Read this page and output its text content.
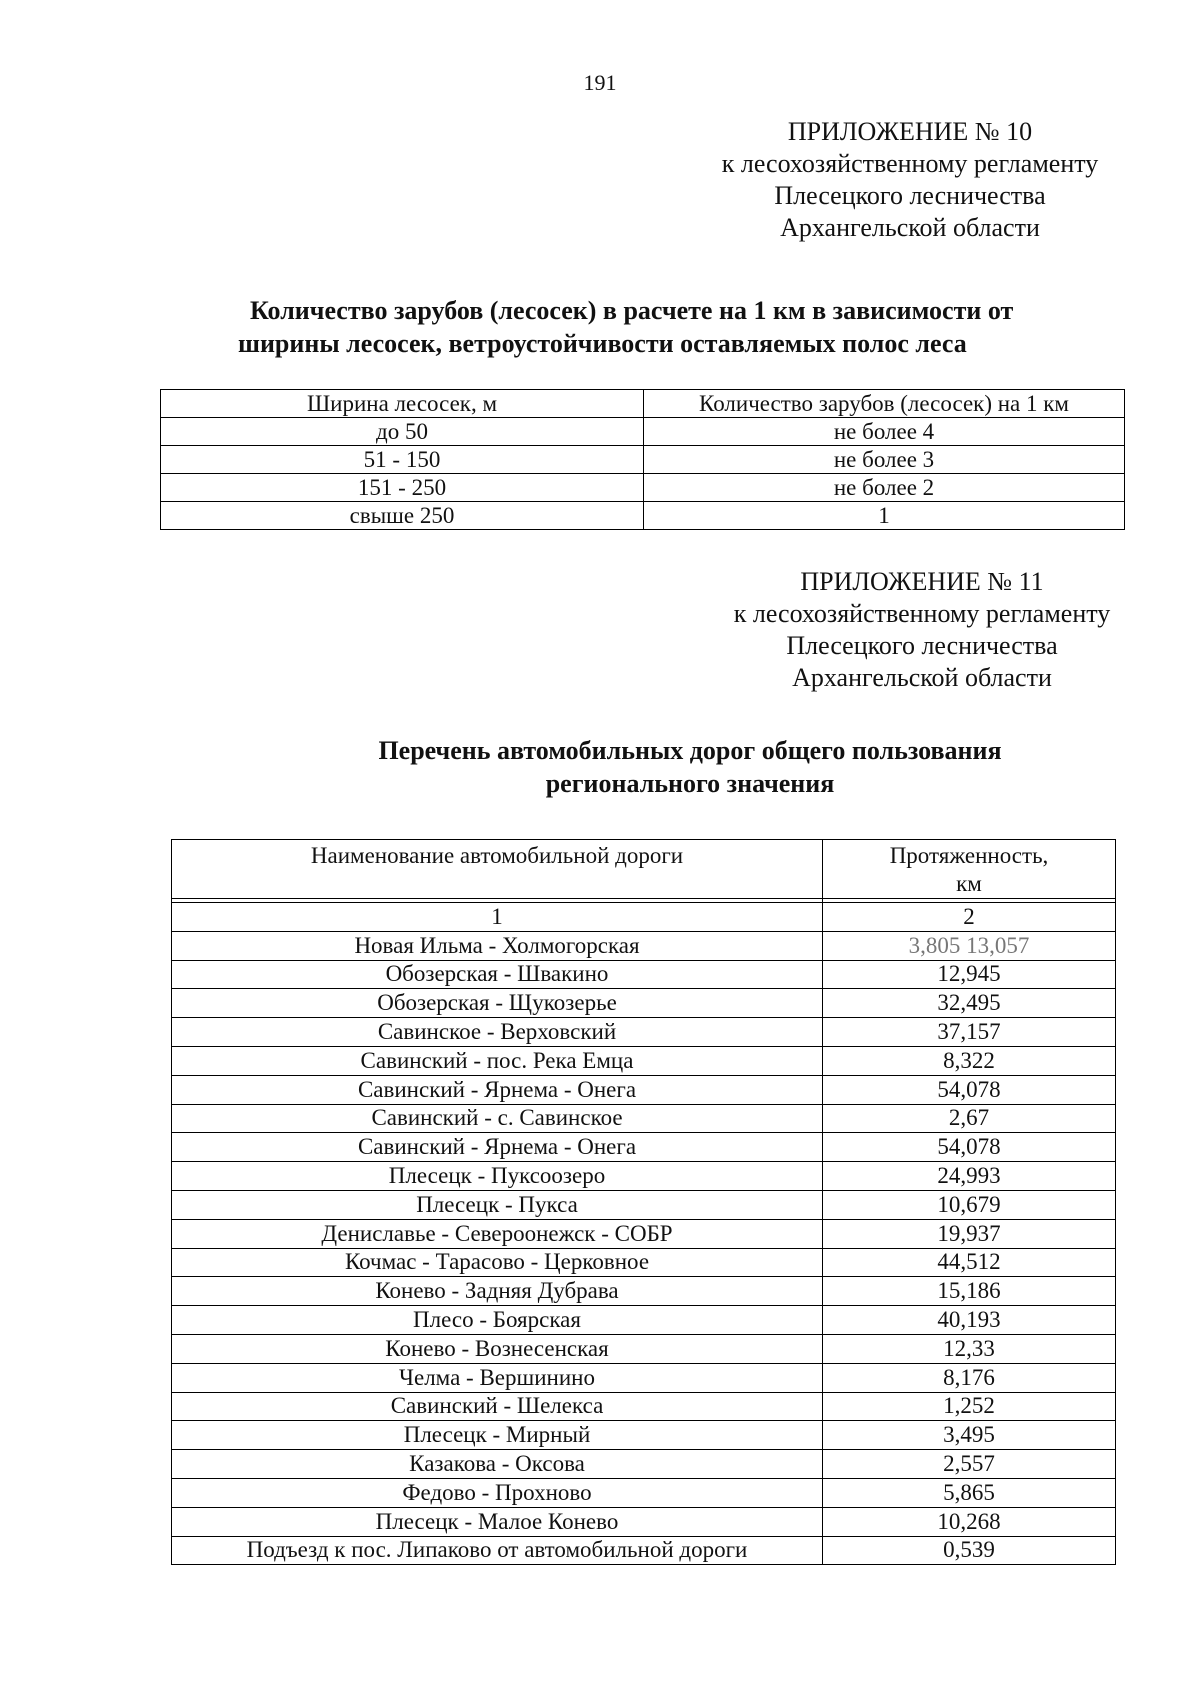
191
ПРИЛОЖЕНИЕ № 10
к лесохозяйственному регламенту
Плесецкого лесничества
Архангельской области
Количество зарубов (лесосек) в расчете на 1 км в зависимости от
ширины лесосек, ветроустойчивости оставляемых полос леса
Ширина лесосек, м	Количество зарубов (лесосек) на 1 км
до 50	не более 4
51 - 150	не более 3
151 - 250	не более 2
свыше 250	1
ПРИЛОЖЕНИЕ № 11
к лесохозяйственному регламенту
Плесецкого лесничества
Архангельской области
Перечень автомобильных дорог общего пользования
регионального значения
Наименование автомобильной дороги	Протяженность,
км

1	2
Новая Ильма - Холмогорская	3,805 13,057
Обозерская - Швакино	12,945
Обозерская - Щукозерье	32,495
Савинское - Верховский	37,157
Савинский - пос. Река Емца	8,322
Савинский - Ярнема - Онега	54,078
Савинский - с. Савинское	2,67
Савинский - Ярнема - Онега	54,078
Плесецк - Пуксоозеро	24,993
Плесецк - Пукса	10,679
Дениславье - Североонежск - СОБР	19,937
Кочмас - Тарасово - Церковное	44,512
Конево - Задняя Дубрава	15,186
Плесо - Боярская	40,193
Конево - Вознесенская	12,33
Челма - Вершинино	8,176
Савинский - Шелекса	1,252
Плесецк - Мирный	3,495
Казакова - Оксова	2,557
Федово - Прохново	5,865
Плесецк - Малое Конево	10,268
Подъезд к пос. Липаково от автомобильной дороги	0,539
